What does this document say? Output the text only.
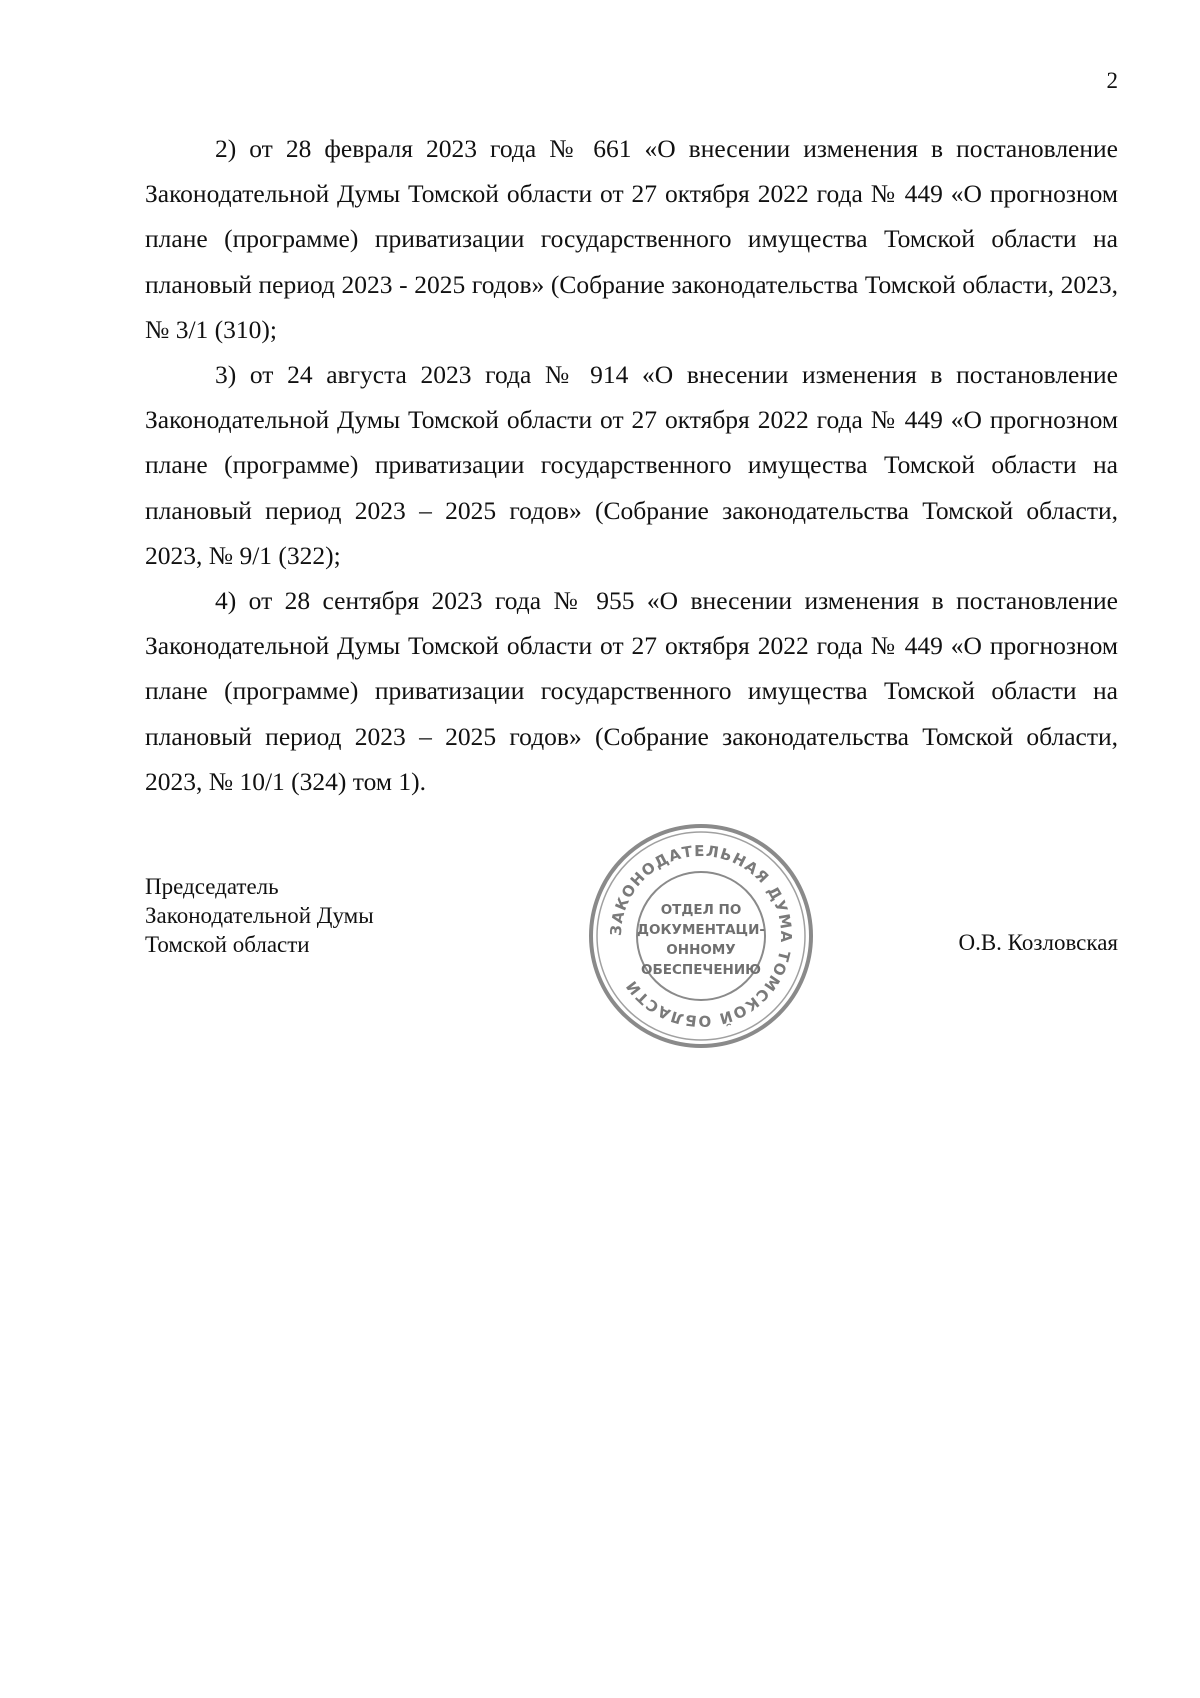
2

2) от 28 февраля 2023 года № 661 «О внесении изменения в постановление Законодательной Думы Томской области от 27 октября 2022 года № 449 «О прогнозном плане (программе) приватизации государственного имущества Томской области на плановый период 2023 - 2025 годов» (Собрание законодательства Томской области, 2023, № 3/1 (310);

3) от 24 августа 2023 года № 914 «О внесении изменения в постановление Законодательной Думы Томской области от 27 октября 2022 года № 449 «О прогнозном плане (программе) приватизации государственного имущества Томской области на плановый период 2023 – 2025 годов» (Собрание законодательства Томской области, 2023, № 9/1 (322);

4) от 28 сентября 2023 года № 955 «О внесении изменения в постановление Законодательной Думы Томской области от 27 октября 2022 года № 449 «О прогнозном плане (программе) приватизации государственного имущества Томской области на плановый период 2023 – 2025 годов» (Собрание законодательства Томской области, 2023, № 10/1 (324) том 1).

Председатель
Законодательной Думы
Томской области	О.В. Козловская
ЗАКОНОДАТЕЛЬНАЯ ДУМА ТОМСКОЙ ОБЛАСТИ
ОТДЕЛ ПО
ДОКУМЕНТАЦИ-
ОННОМУ
ОБЕСПЕЧЕНИЮ
